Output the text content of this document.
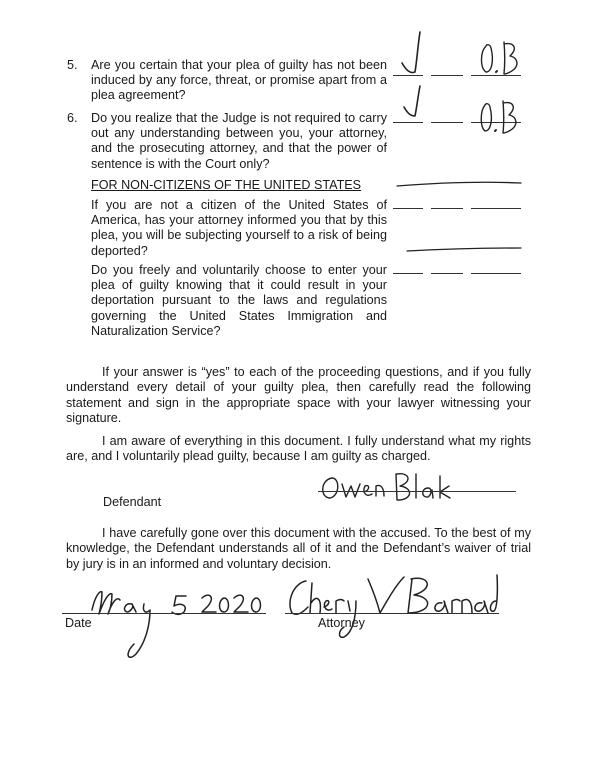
5. Are you certain that your plea of guilty has not been induced by any force, threat, or promise apart from a plea agreement?
6. Do you realize that the Judge is not required to carry out any understanding between you, your attorney, and the prosecuting attorney, and that the power of sentence is with the Court only?
FOR NON-CITIZENS OF THE UNITED STATES
If you are not a citizen of the United States of America, has your attorney informed you that by this plea, you will be subjecting yourself to a risk of being deported?
Do you freely and voluntarily choose to enter your plea of guilty knowing that it could result in your deportation pursuant to the laws and regulations governing the United States Immigration and Naturalization Service?
If your answer is “yes” to each of the proceeding questions, and if you fully understand every detail of your guilty plea, then carefully read the following statement and sign in the appropriate space with your lawyer witnessing your signature.
I am aware of everything in this document. I fully understand what my rights are, and I voluntarily plead guilty, because I am guilty as charged.
Defendant
I have carefully gone over this document with the accused. To the best of my knowledge, the Defendant understands all of it and the Defendant’s waiver of trial by jury is in an informed and voluntary decision.
Date	Attorney
